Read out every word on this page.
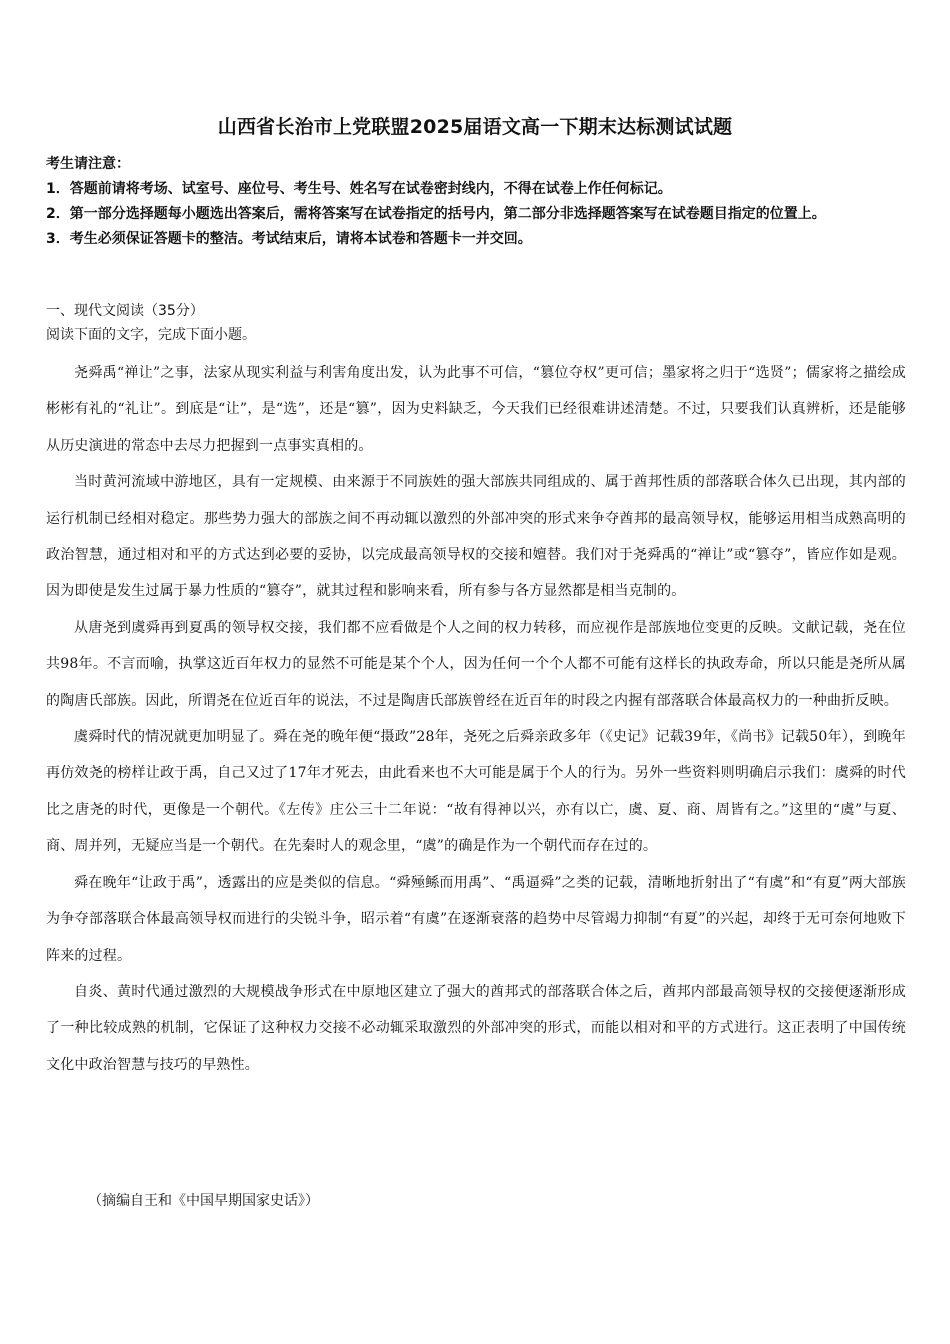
山西省长治市上党联盟2025届语文高一下期末达标测试试题
考生请注意：
1．答题前请将考场、试室号、座位号、考生号、姓名写在试卷密封线内，不得在试卷上作任何标记。
2．第一部分选择题每小题选出答案后，需将答案写在试卷指定的括号内，第二部分非选择题答案写在试卷题目指定的位置上。
3．考生必须保证答题卡的整洁。考试结束后，请将本试卷和答题卡一并交回。
一、现代文阅读（35分）
阅读下面的文字，完成下面小题。

尧舜禹“禅让”之事，法家从现实利益与利害角度出发，认为此事不可信，“篡位夺权”更可信；墨家将之归于“选贤”；儒家将之描绘成彬彬有礼的“礼让”。到底是“让”，是“选”，还是“篡”，因为史料缺乏，今天我们已经很难讲述清楚。不过，只要我们认真辨析，还是能够从历史演进的常态中去尽力把握到一点事实真相的。

当时黄河流域中游地区，具有一定规模、由来源于不同族姓的强大部族共同组成的、属于酋邦性质的部落联合体久已出现，其内部的运行机制已经相对稳定。那些势力强大的部族之间不再动辄以激烈的外部冲突的形式来争夺酋邦的最高领导权，能够运用相当成熟高明的政治智慧，通过相对和平的方式达到必要的妥协，以完成最高领导权的交接和嬗替。我们对于尧舜禹的“禅让”或“篡夺”，皆应作如是观。因为即使是发生过属于暴力性质的“篡夺”，就其过程和影响来看，所有参与各方显然都是相当克制的。

从唐尧到虞舜再到夏禹的领导权交接，我们都不应看做是个人之间的权力转移，而应视作是部族地位变更的反映。文献记载，尧在位共98年。不言而喻，执掌这近百年权力的显然不可能是某个个人，因为任何一个个人都不可能有这样长的执政寿命，所以只能是尧所从属的陶唐氏部族。因此，所谓尧在位近百年的说法，不过是陶唐氏部族曾经在近百年的时段之内握有部落联合体最高权力的一种曲折反映。

虞舜时代的情况就更加明显了。舜在尧的晚年便“摄政”28年，尧死之后舜亲政多年（《史记》记载39年，《尚书》记载50年），到晚年再仿效尧的榜样让政于禹，自己又过了17年才死去，由此看来也不大可能是属于个人的行为。另外一些资料则明确启示我们：虞舜的时代比之唐尧的时代，更像是一个朝代。《左传》庄公三十二年说：“故有得神以兴，亦有以亡，虞、夏、商、周皆有之。”这里的“虞”与夏、商、周并列，无疑应当是一个朝代。在先秦时人的观念里，“虞”的确是作为一个朝代而存在过的。

舜在晚年“让政于禹”，透露出的应是类似的信息。“舜殛鲧而用禹”、“禹逼舜”之类的记载，清晰地折射出了“有虞”和“有夏”两大部族为争夺部落联合体最高领导权而进行的尖锐斗争，昭示着“有虞”在逐渐衰落的趋势中尽管竭力抑制“有夏”的兴起，却终于无可奈何地败下阵来的过程。

自炎、黄时代通过激烈的大规模战争形式在中原地区建立了强大的酋邦式的部落联合体之后，酋邦内部最高领导权的交接便逐渐形成了一种比较成熟的机制，它保证了这种权力交接不必动辄采取激烈的外部冲突的形式，而能以相对和平的方式进行。这正表明了中国传统文化中政治智慧与技巧的早熟性。

（摘编自王和《中国早期国家史话》）
